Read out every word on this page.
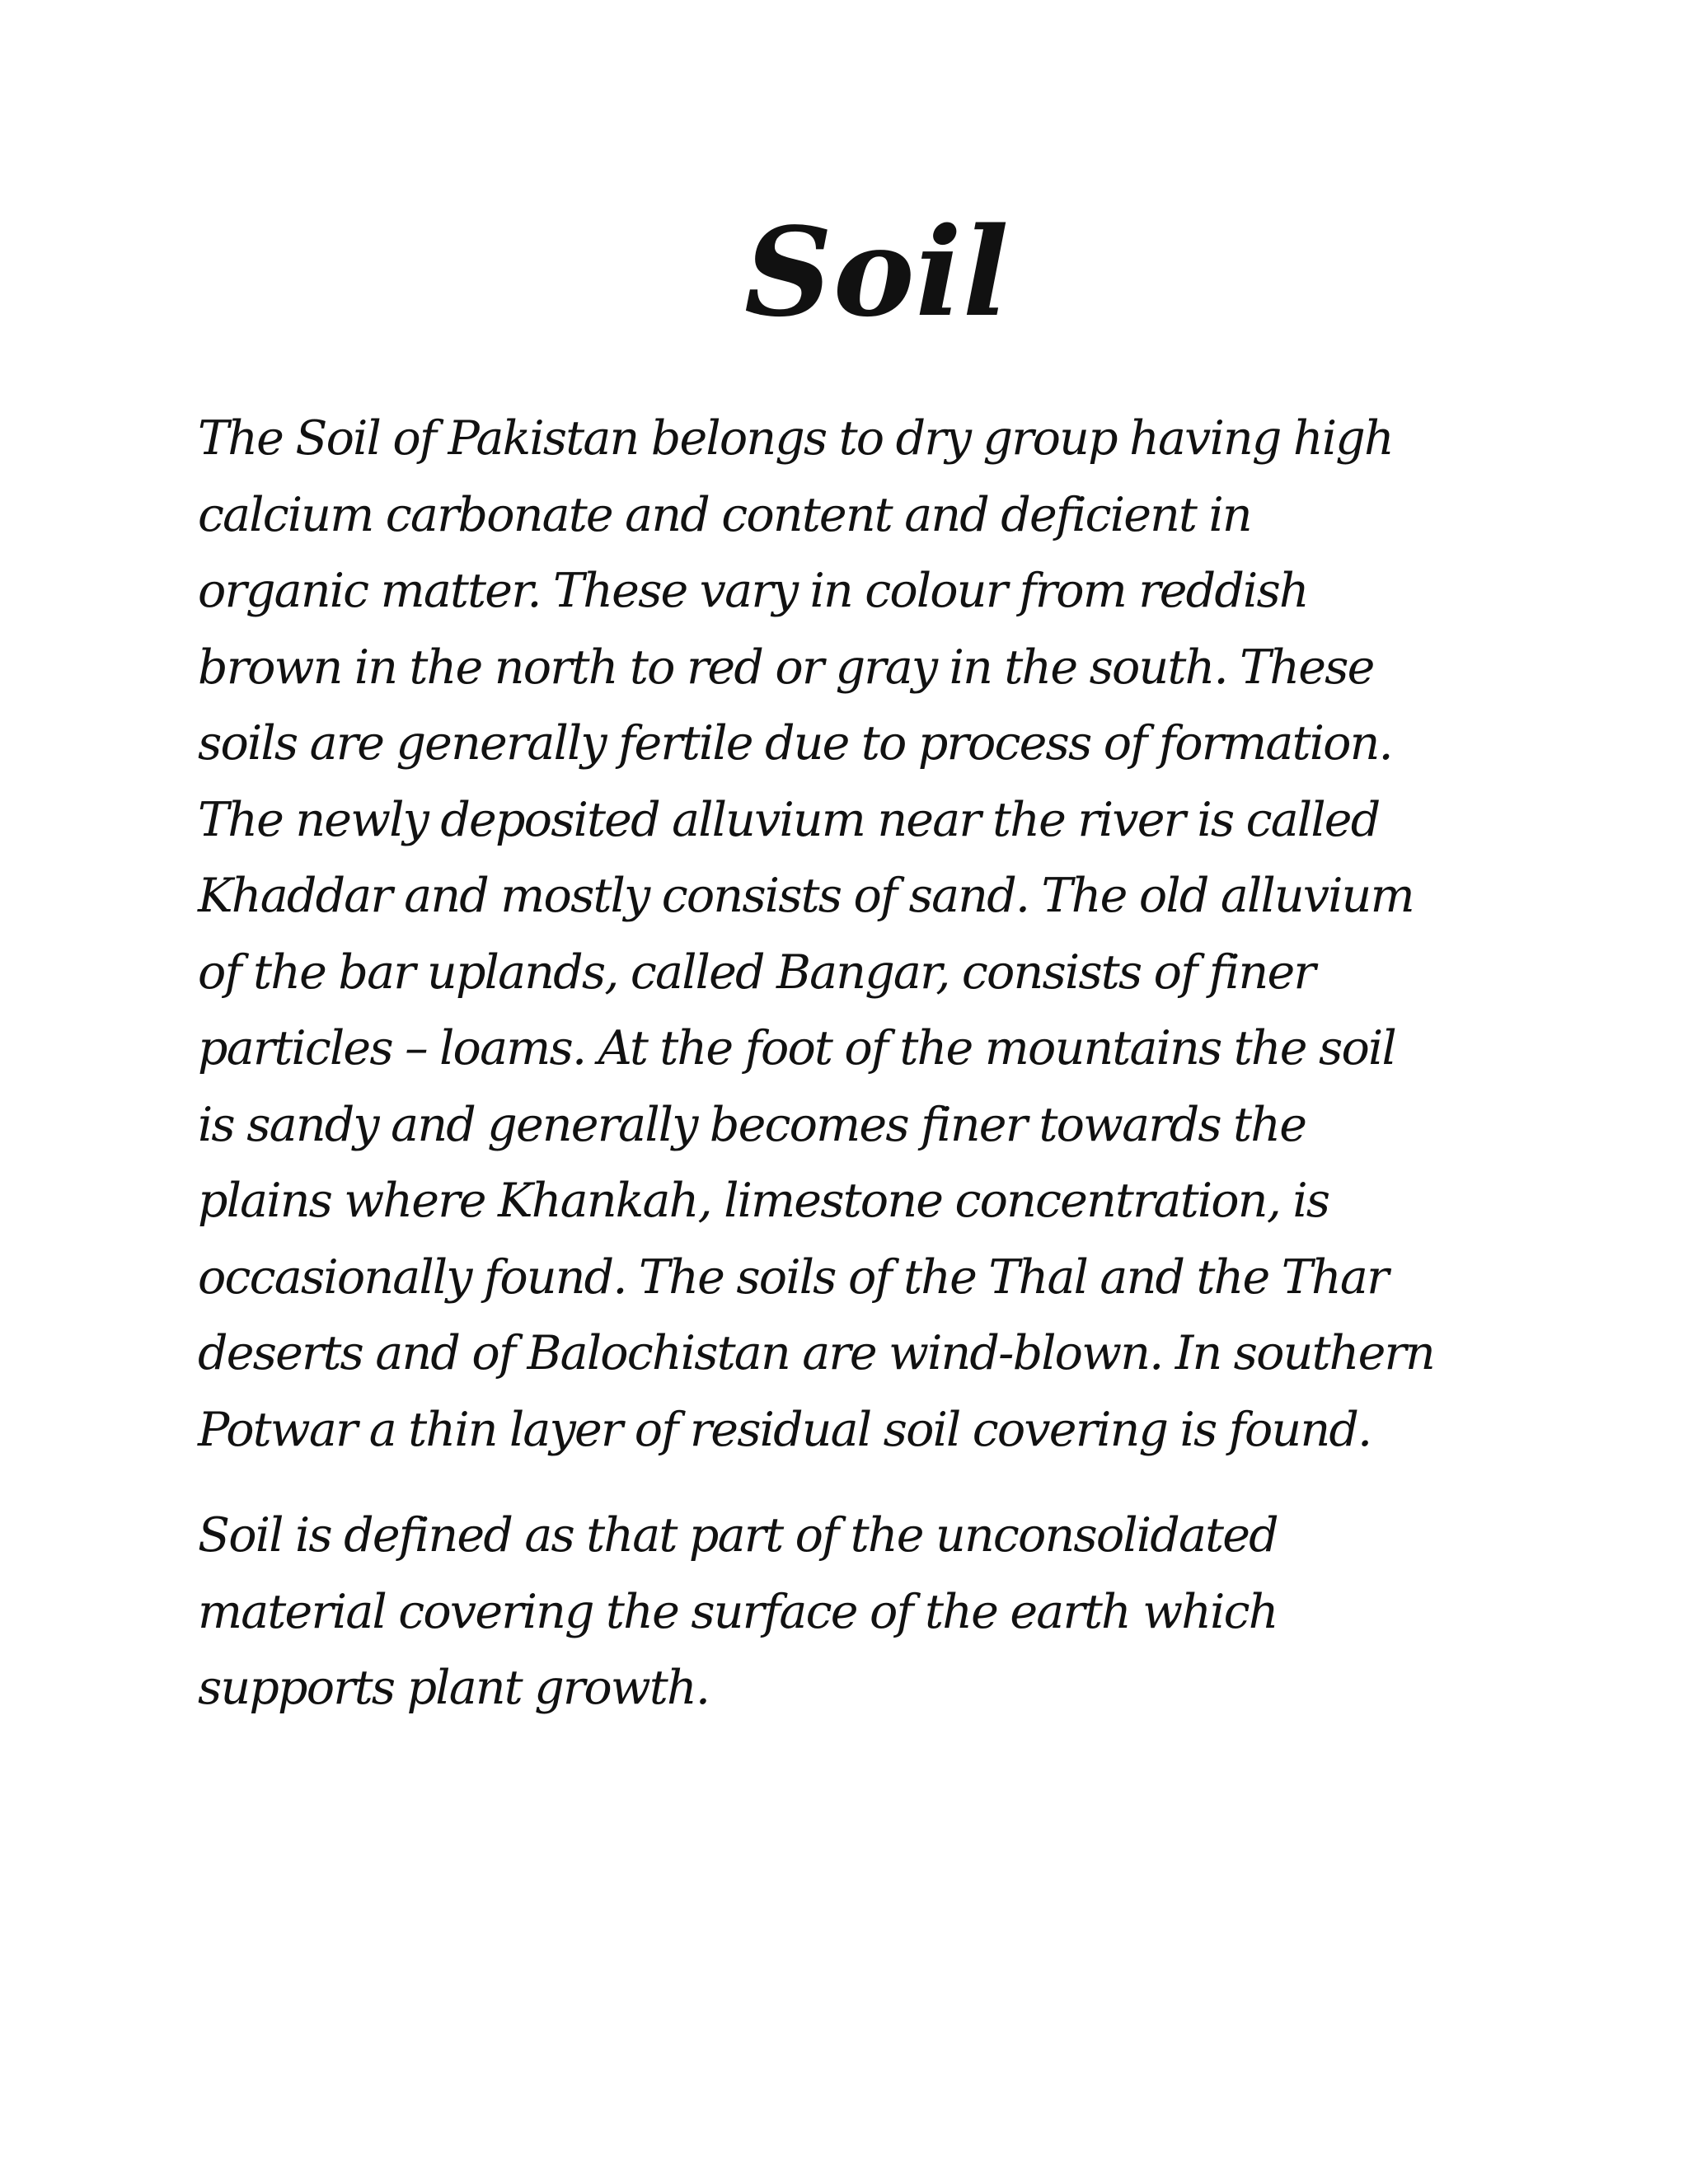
Soil

The Soil of Pakistan belongs to dry group having high
calcium carbonate and content and deficient in
organic matter. These vary in colour from reddish
brown in the north to red or gray in the south. These
soils are generally fertile due to process of formation.
The newly deposited alluvium near the river is called
Khaddar and mostly consists of sand. The old alluvium
of the bar uplands, called Bangar, consists of finer
particles – loams. At the foot of the mountains the soil
is sandy and generally becomes finer towards the
plains where Khankah, limestone concentration, is
occasionally found. The soils of the Thal and the Thar
deserts and of Balochistan are wind-blown. In southern
Potwar a thin layer of residual soil covering is found.

Soil is defined as that part of the unconsolidated
material covering the surface of the earth which
supports plant growth.
